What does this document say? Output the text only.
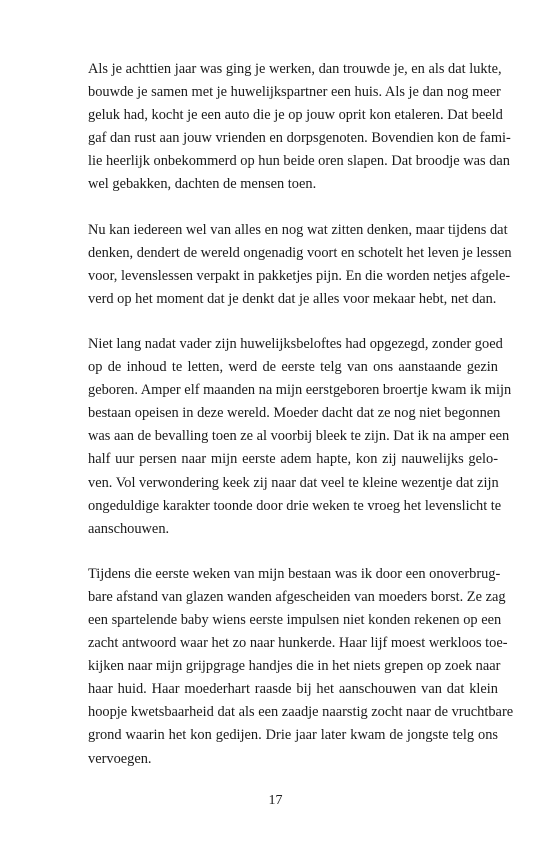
Als je achttien jaar was ging je werken, dan trouwde je, en als dat lukte,
bouwde je samen met je huwelijkspartner een huis. Als je dan nog meer
geluk had, kocht je een auto die je op jouw oprit kon etaleren. Dat beeld
gaf dan rust aan jouw vrienden en dorpsgenoten. Bovendien kon de fami-
lie heerlijk onbekommerd op hun beide oren slapen. Dat broodje was dan
wel gebakken, dachten de mensen toen.

Nu kan iedereen wel van alles en nog wat zitten denken, maar tijdens dat
denken, dendert de wereld ongenadig voort en schotelt het leven je lessen
voor, levenslessen verpakt in pakketjes pijn. En die worden netjes afgele-
verd op het moment dat je denkt dat je alles voor mekaar hebt, net dan.

Niet lang nadat vader zijn huwelijksbeloftes had opgezegd, zonder goed
op de inhoud te letten, werd de eerste telg van ons aanstaande gezin
geboren. Amper elf maanden na mijn eerstgeboren broertje kwam ik mijn
bestaan opeisen in deze wereld. Moeder dacht dat ze nog niet begonnen
was aan de bevalling toen ze al voorbij bleek te zijn. Dat ik na amper een
half uur persen naar mijn eerste adem hapte, kon zij nauwelijks gelo-
ven. Vol verwondering keek zij naar dat veel te kleine wezentje dat zijn
ongeduldige karakter toonde door drie weken te vroeg het levenslicht te
aanschouwen.

Tijdens die eerste weken van mijn bestaan was ik door een onoverbrug-
bare afstand van glazen wanden afgescheiden van moeders borst. Ze zag
een spartelende baby wiens eerste impulsen niet konden rekenen op een
zacht antwoord waar het zo naar hunkerde. Haar lijf moest werkloos toe-
kijken naar mijn grijpgrage handjes die in het niets grepen op zoek naar
haar huid. Haar moederhart raasde bij het aanschouwen van dat klein
hoopje kwetsbaarheid dat als een zaadje naarstig zocht naar de vruchtbare
grond waarin het kon gedijen. Drie jaar later kwam de jongste telg ons
vervoegen.

17
